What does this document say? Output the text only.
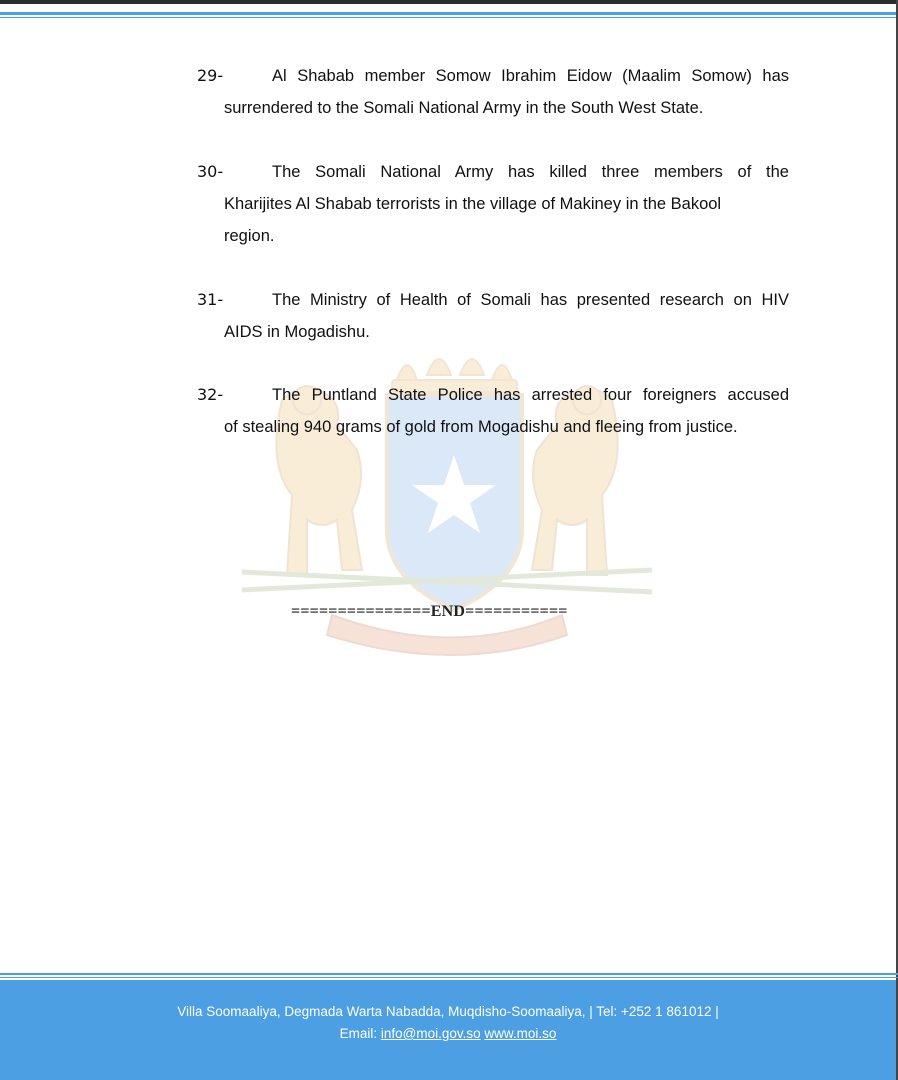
29-	Al Shabab member Somow Ibrahim Eidow (Maalim Somow) has
surrendered to the Somali National Army in the South West State.
30-	The Somali National Army has killed three members of the
Kharijites Al Shabab terrorists in the village of Makiney in the Bakool
region.
31-	The Ministry of Health of Somali has presented research on HIV
AIDS in Mogadishu.
32-	The Puntland State Police has arrested four foreigners accused
of stealing 940 grams of gold from Mogadishu and fleeing from justice.
===============END===========
Villa Soomaaliya, Degmada Warta Nabadda, Muqdisho-Soomaaliya, | Tel: +252 1 861012 |
Email: info@moi.gov.so www.moi.so
